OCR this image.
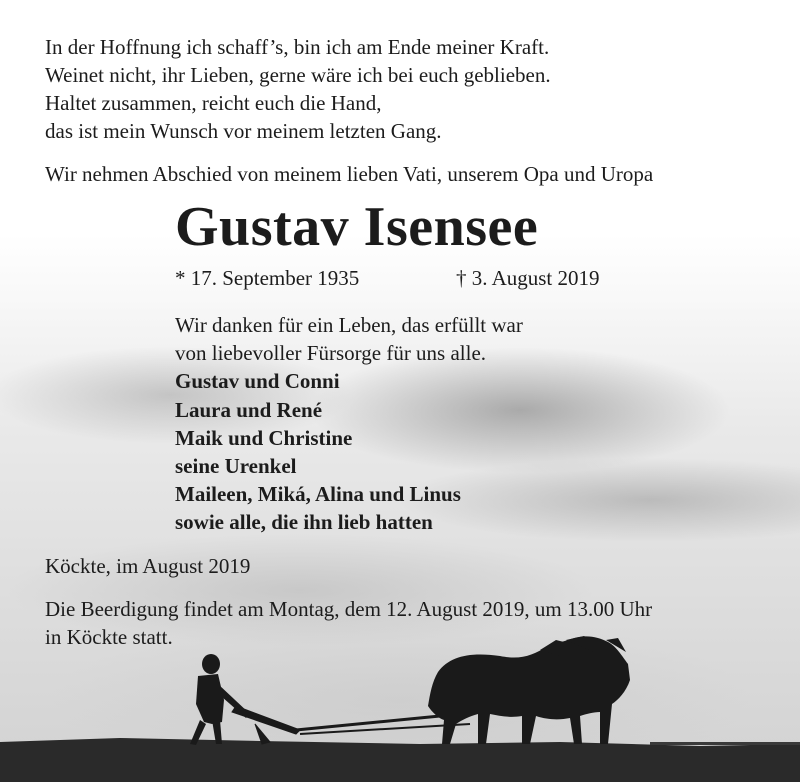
In der Hoffnung ich schaff’s, bin ich am Ende meiner Kraft.
Weinet nicht, ihr Lieben, gerne wäre ich bei euch geblieben.
Haltet zusammen, reicht euch die Hand,
das ist mein Wunsch vor meinem letzten Gang.
Wir nehmen Abschied von meinem lieben Vati, unserem Opa und Uropa
Gustav Isensee
* 17. September 1935	† 3. August 2019
Wir danken für ein Leben, das erfüllt war
von liebevoller Fürsorge für uns alle.
Gustav und Conni
Laura und René
Maik und Christine
seine Urenkel
Maileen, Miká, Alina und Linus
sowie alle, die ihn lieb hatten
Köckte, im August 2019
Die Beerdigung findet am Montag, dem 12. August 2019, um 13.00 Uhr
in Köckte statt.
